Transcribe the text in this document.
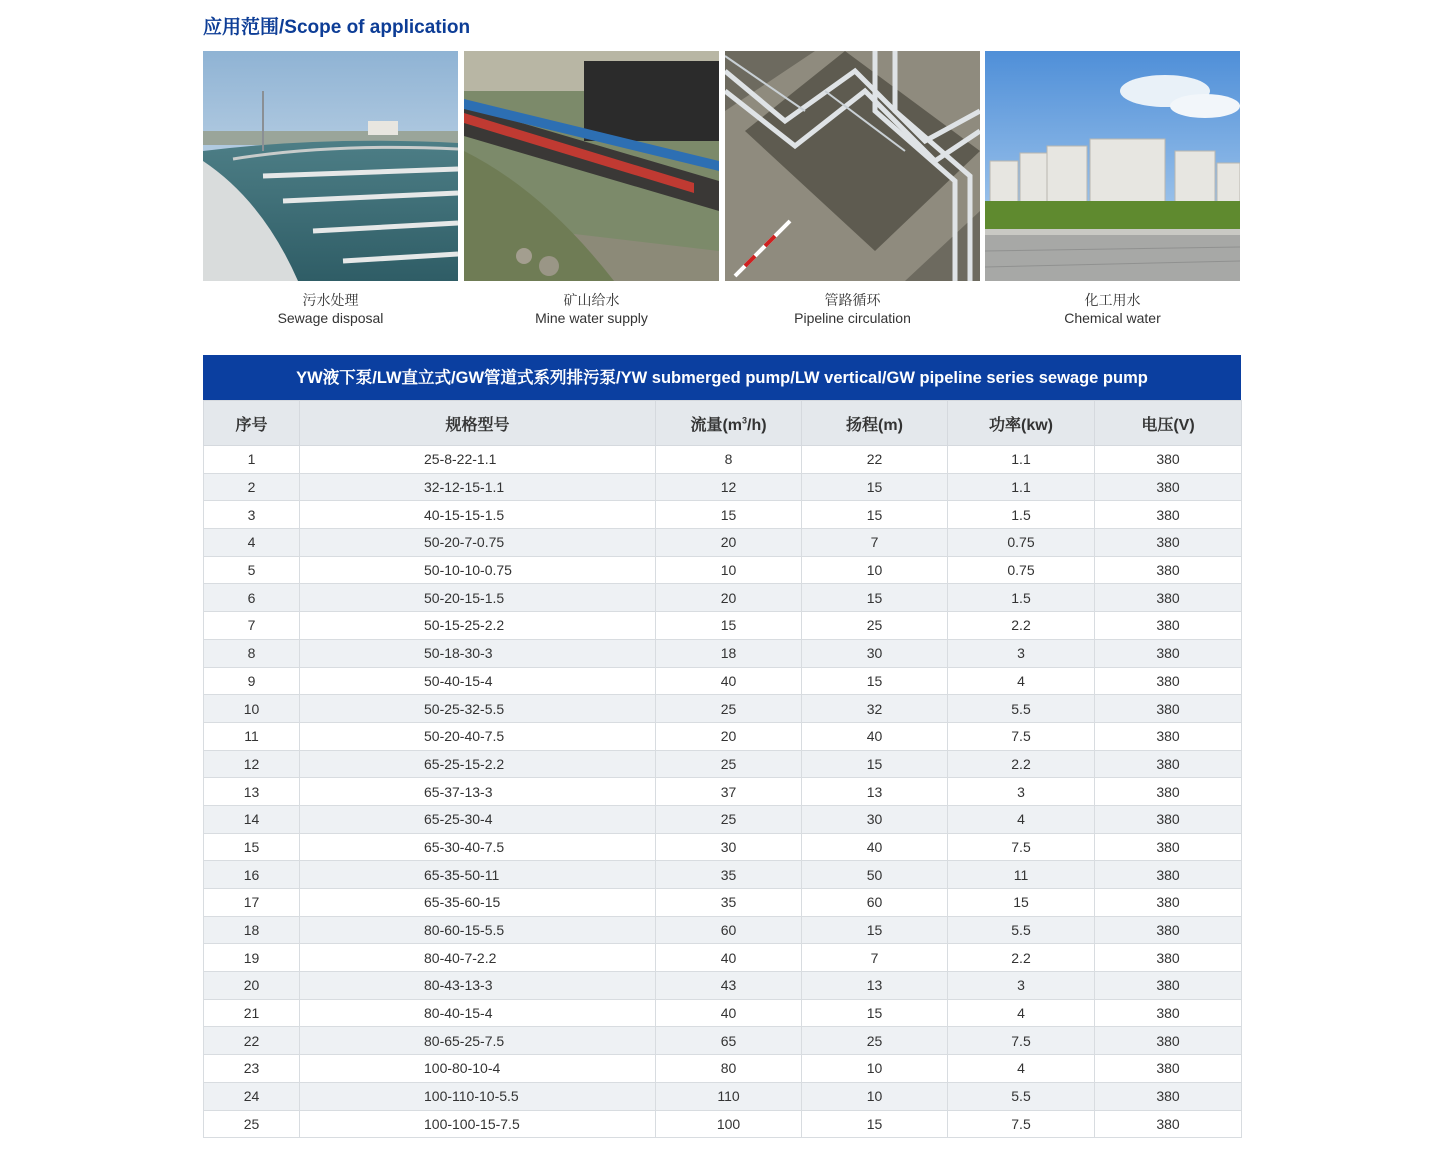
应用范围/Scope of application
污水处理
Sewage disposal
矿山给水
Mine water supply
管路循环
Pipeline circulation
化工用水
Chemical water
YW液下泵/LW直立式/GW管道式系列排污泵/YW submerged pump/LW vertical/GW pipeline series sewage pump
序号	规格型号	流量$(m^3/h)$	扬程(m)	功率(kw)	电压(V)
1	25-8-22-1.1	8	22	1.1	380
2	32-12-15-1.1	12	15	1.1	380
3	40-15-15-1.5	15	15	1.5	380
4	50-20-7-0.75	20	7	0.75	380
5	50-10-10-0.75	10	10	0.75	380
6	50-20-15-1.5	20	15	1.5	380
7	50-15-25-2.2	15	25	2.2	380
8	50-18-30-3	18	30	3	380
9	50-40-15-4	40	15	4	380
10	50-25-32-5.5	25	32	5.5	380
11	50-20-40-7.5	20	40	7.5	380
12	65-25-15-2.2	25	15	2.2	380
13	65-37-13-3	37	13	3	380
14	65-25-30-4	25	30	4	380
15	65-30-40-7.5	30	40	7.5	380
16	65-35-50-11	35	50	11	380
17	65-35-60-15	35	60	15	380
18	80-60-15-5.5	60	15	5.5	380
19	80-40-7-2.2	40	7	2.2	380
20	80-43-13-3	43	13	3	380
21	80-40-15-4	40	15	4	380
22	80-65-25-7.5	65	25	7.5	380
23	100-80-10-4	80	10	4	380
24	100-110-10-5.5	110	10	5.5	380
25	100-100-15-7.5	100	15	7.5	380
